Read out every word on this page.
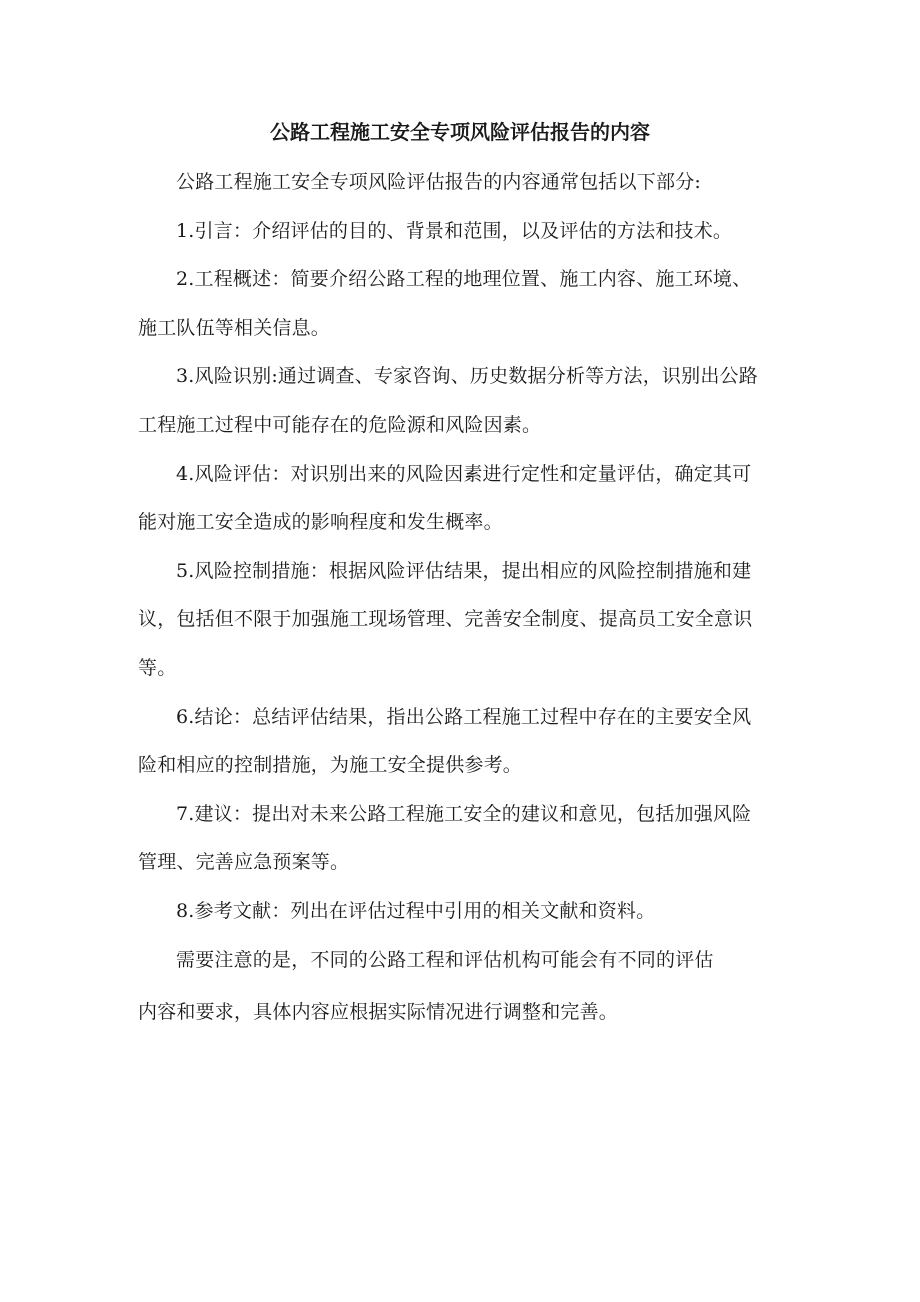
公路工程施工安全专项风险评估报告的内容

公路工程施工安全专项风险评估报告的内容通常包括以下部分:

1.引言：介绍评估的目的、背景和范围，以及评估的方法和技术。

2.工程概述：简要介绍公路工程的地理位置、施工内容、施工环境、
施工队伍等相关信息。

3.风险识别:通过调查、专家咨询、历史数据分析等方法，识别出公路
工程施工过程中可能存在的危险源和风险因素。

4.风险评估：对识别出来的风险因素进行定性和定量评估，确定其可
能对施工安全造成的影响程度和发生概率。

5.风险控制措施：根据风险评估结果，提出相应的风险控制措施和建
议，包括但不限于加强施工现场管理、完善安全制度、提高员工安全意识
等。

6.结论：总结评估结果，指出公路工程施工过程中存在的主要安全风
险和相应的控制措施，为施工安全提供参考。

7.建议：提出对未来公路工程施工安全的建议和意见，包括加强风险
管理、完善应急预案等。

8.参考文献：列出在评估过程中引用的相关文献和资料。

需要注意的是，不同的公路工程和评估机构可能会有不同的评估
内容和要求，具体内容应根据实际情况进行调整和完善。
